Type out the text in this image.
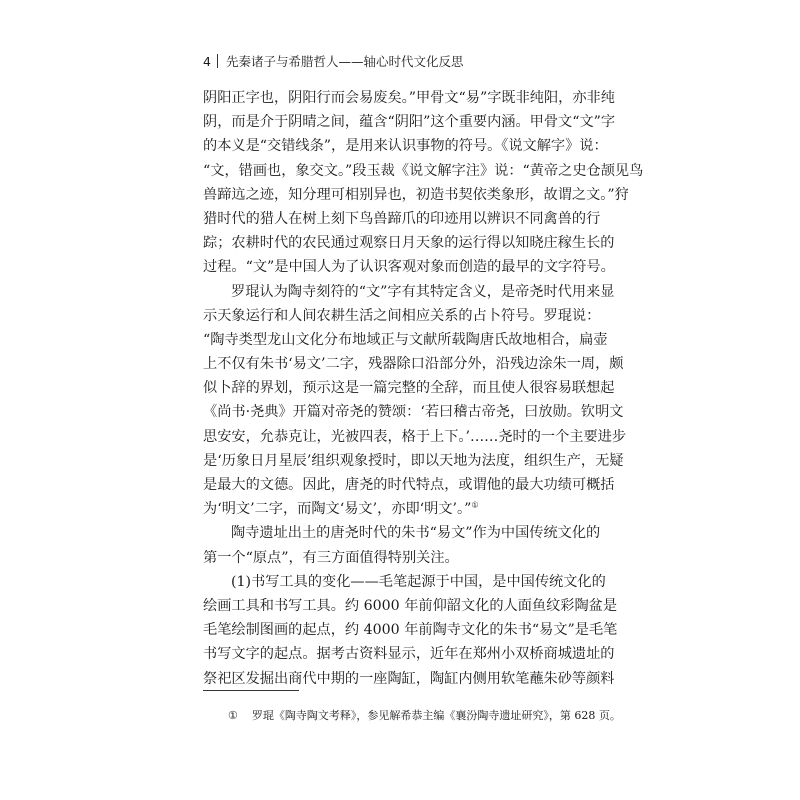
4 先秦诸子与希腊哲人——轴心时代文化反思
阴阳正字也，阴阳行而会易废矣。”甲骨文“易”字既非纯阳，亦非纯
阴，而是介于阴晴之间，蕴含“阴阳”这个重要内涵。甲骨文“文”字
的本义是“交错线条”，是用来认识事物的符号。《说文解字》说：
“文，错画也，象交文。”段玉裁《说文解字注》说：“黄帝之史仓颉见鸟
兽蹄迒之迹，知分理可相别异也，初造书契依类象形，故谓之文。”狩
猎时代的猎人在树上刻下鸟兽蹄爪的印迹用以辨识不同禽兽的行
踪；农耕时代的农民通过观察日月天象的运行得以知晓庄稼生长的
过程。“文”是中国人为了认识客观对象而创造的最早的文字符号。
罗琨认为陶寺刻符的“文”字有其特定含义，是帝尧时代用来显
示天象运行和人间农耕生活之间相应关系的占卜符号。罗琨说：
“陶寺类型龙山文化分布地域正与文献所载陶唐氏故地相合，扁壶
上不仅有朱书‘易文’二字，残器除口沿部分外，沿残边涂朱一周，颇
似卜辞的界划，预示这是一篇完整的全辞，而且使人很容易联想起
《尚书·尧典》开篇对帝尧的赞颂：‘若曰稽古帝尧，曰放勋。钦明文
思安安，允恭克让，光被四表，格于上下。’……尧时的一个主要进步
是‘历象日月星辰’组织观象授时，即以天地为法度，组织生产，无疑
是最大的文德。因此，唐尧的时代特点，或谓他的最大功绩可概括
为‘明文’二字，而陶文‘易文’，亦即‘明文’。”①
陶寺遗址出土的唐尧时代的朱书“易文”作为中国传统文化的
第一个“原点”，有三方面值得特别关注。
(1)书写工具的变化——毛笔起源于中国，是中国传统文化的
绘画工具和书写工具。约 6000 年前仰韶文化的人面鱼纹彩陶盆是
毛笔绘制图画的起点，约 4000 年前陶寺文化的朱书“易文”是毛笔
书写文字的起点。据考古资料显示，近年在郑州小双桥商城遗址的
祭祀区发掘出商代中期的一座陶缸，陶缸内侧用软笔蘸朱砂等颜料
① 罗琨《陶寺陶文考释》，参见解希恭主编《襄汾陶寺遗址研究》，第 628 页。
